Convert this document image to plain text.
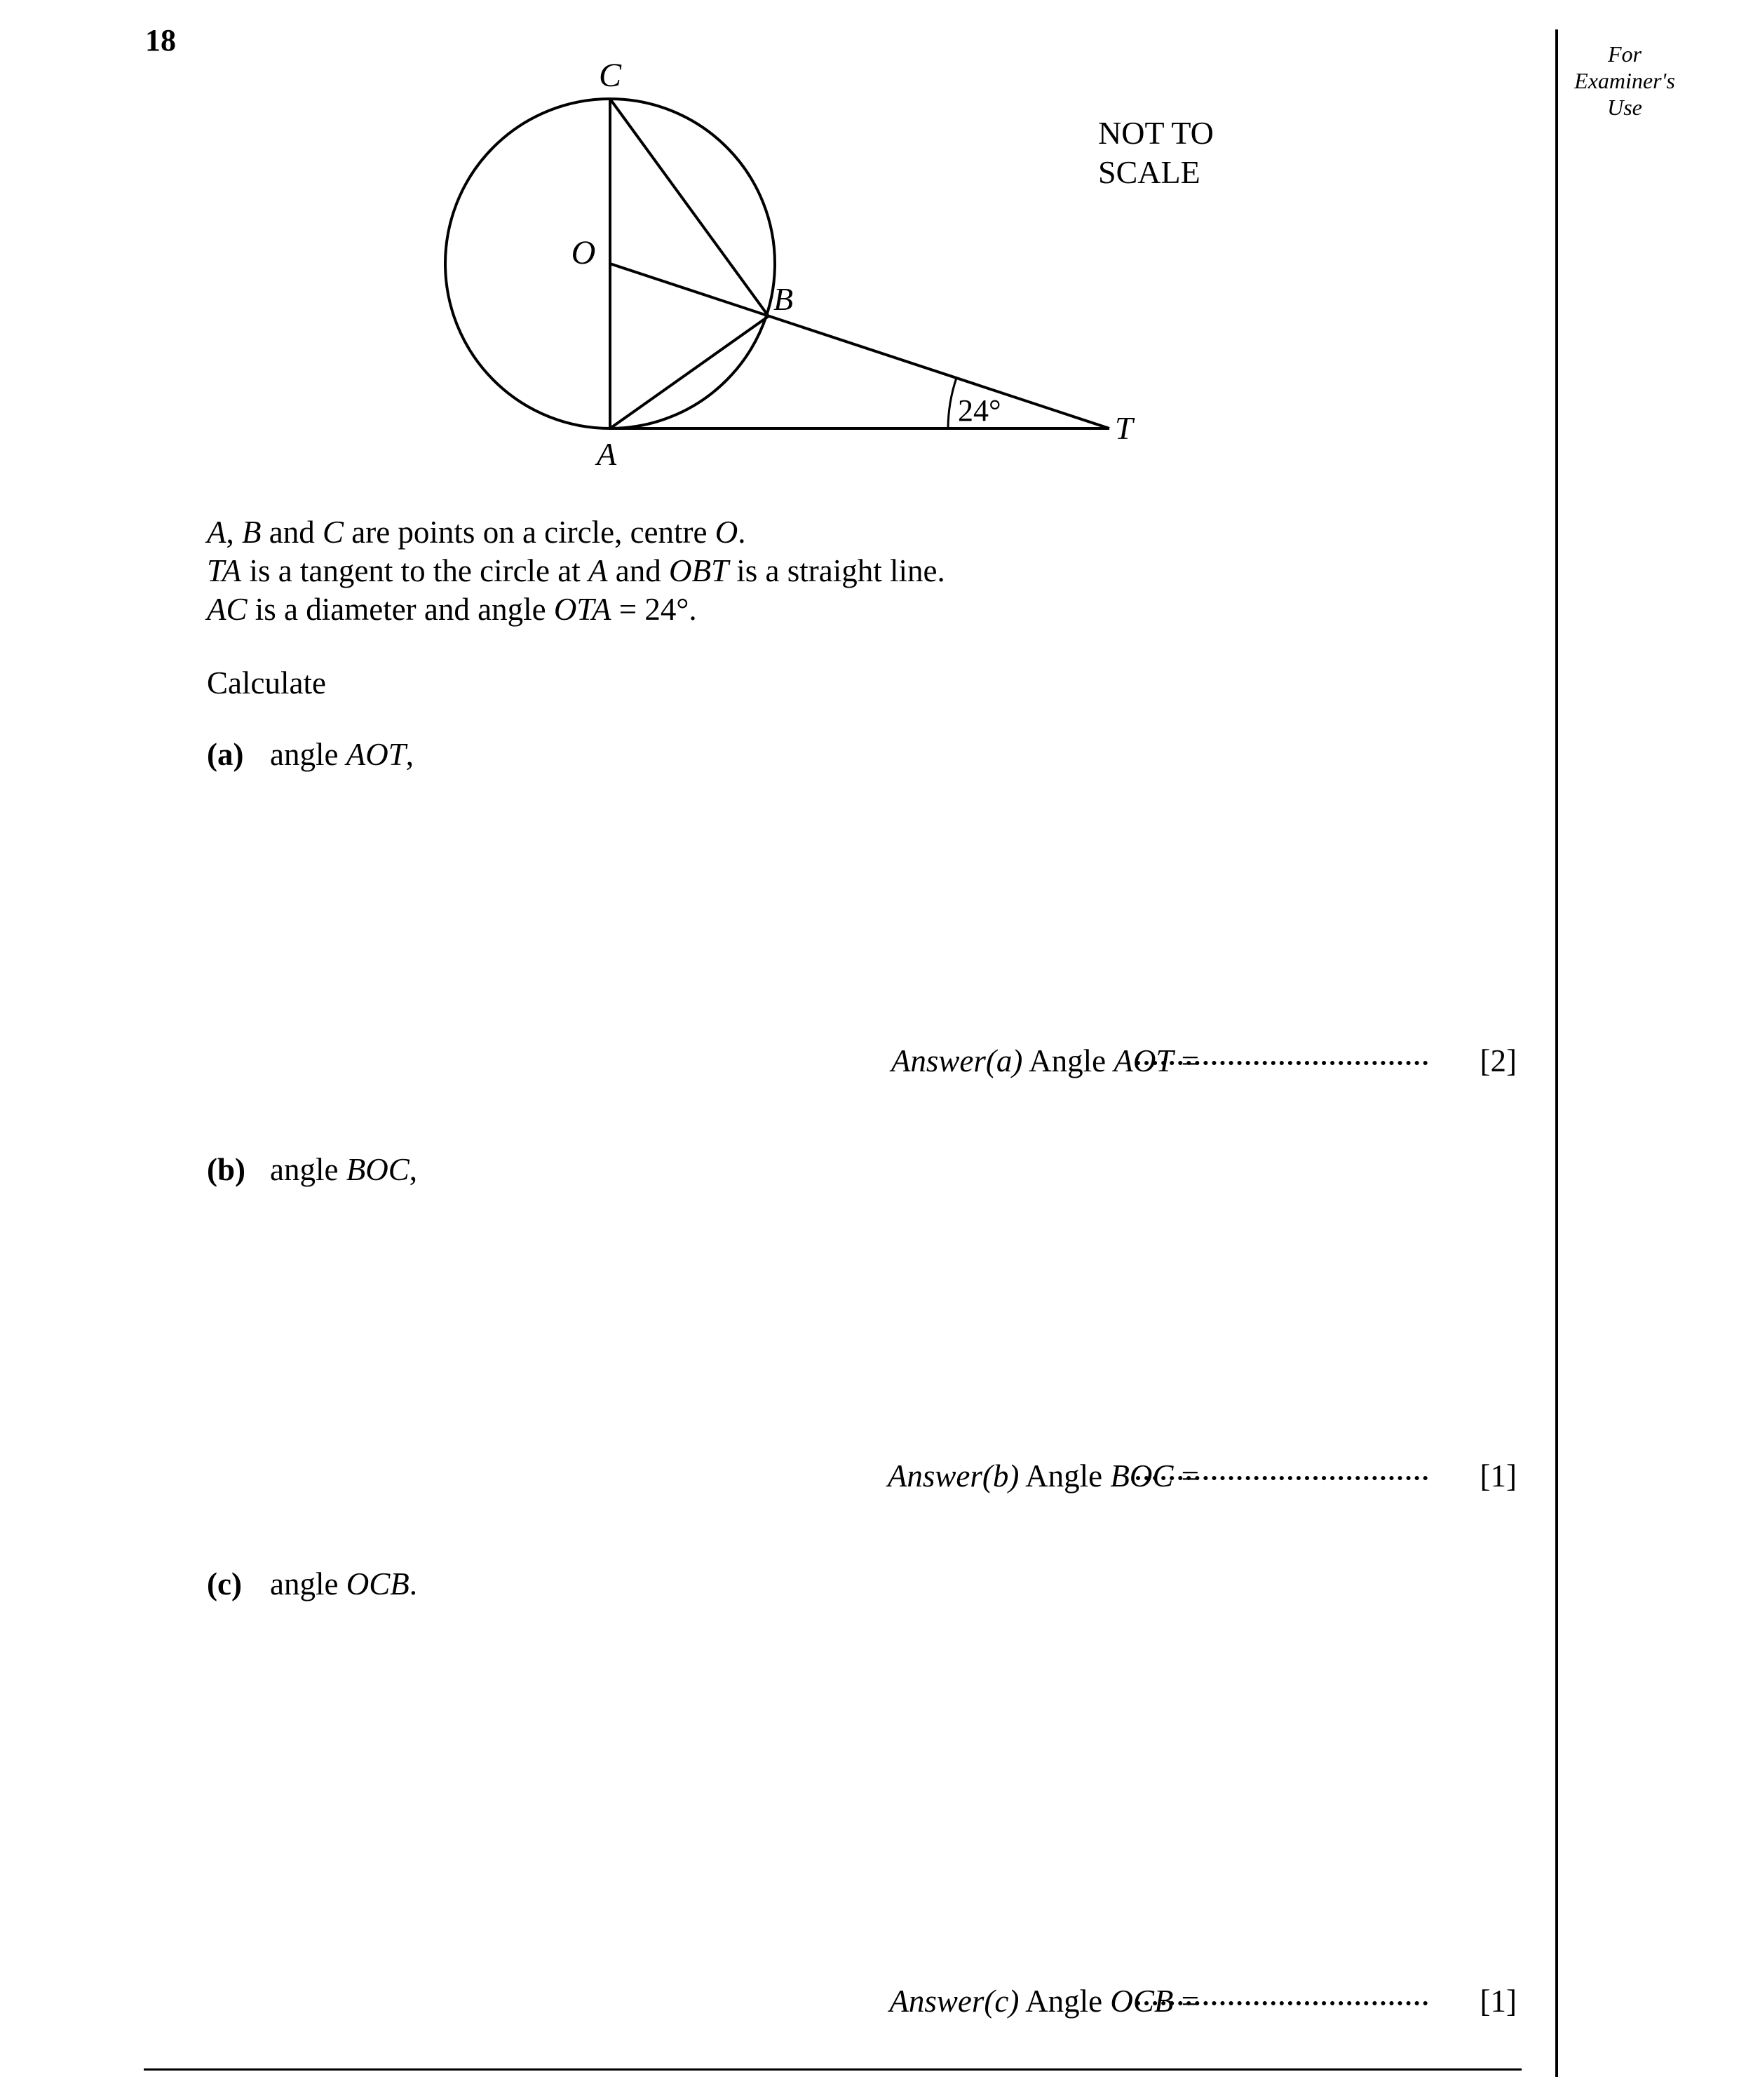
18	For
Examiner's
Use
C
O
B
A
T
24°
NOT TO
SCALE
A, B and C are points on a circle, centre O.
TA is a tangent to the circle at A and OBT is a straight line.
AC is a diameter and angle OTA = 24°.
Calculate
(a) angle AOT,
Answer(a) Angle AOT =	[2]
(b) angle BOC,
Answer(b) Angle BOC =	[1]
(c) angle OCB.
Answer(c) Angle OCB =	[1]
